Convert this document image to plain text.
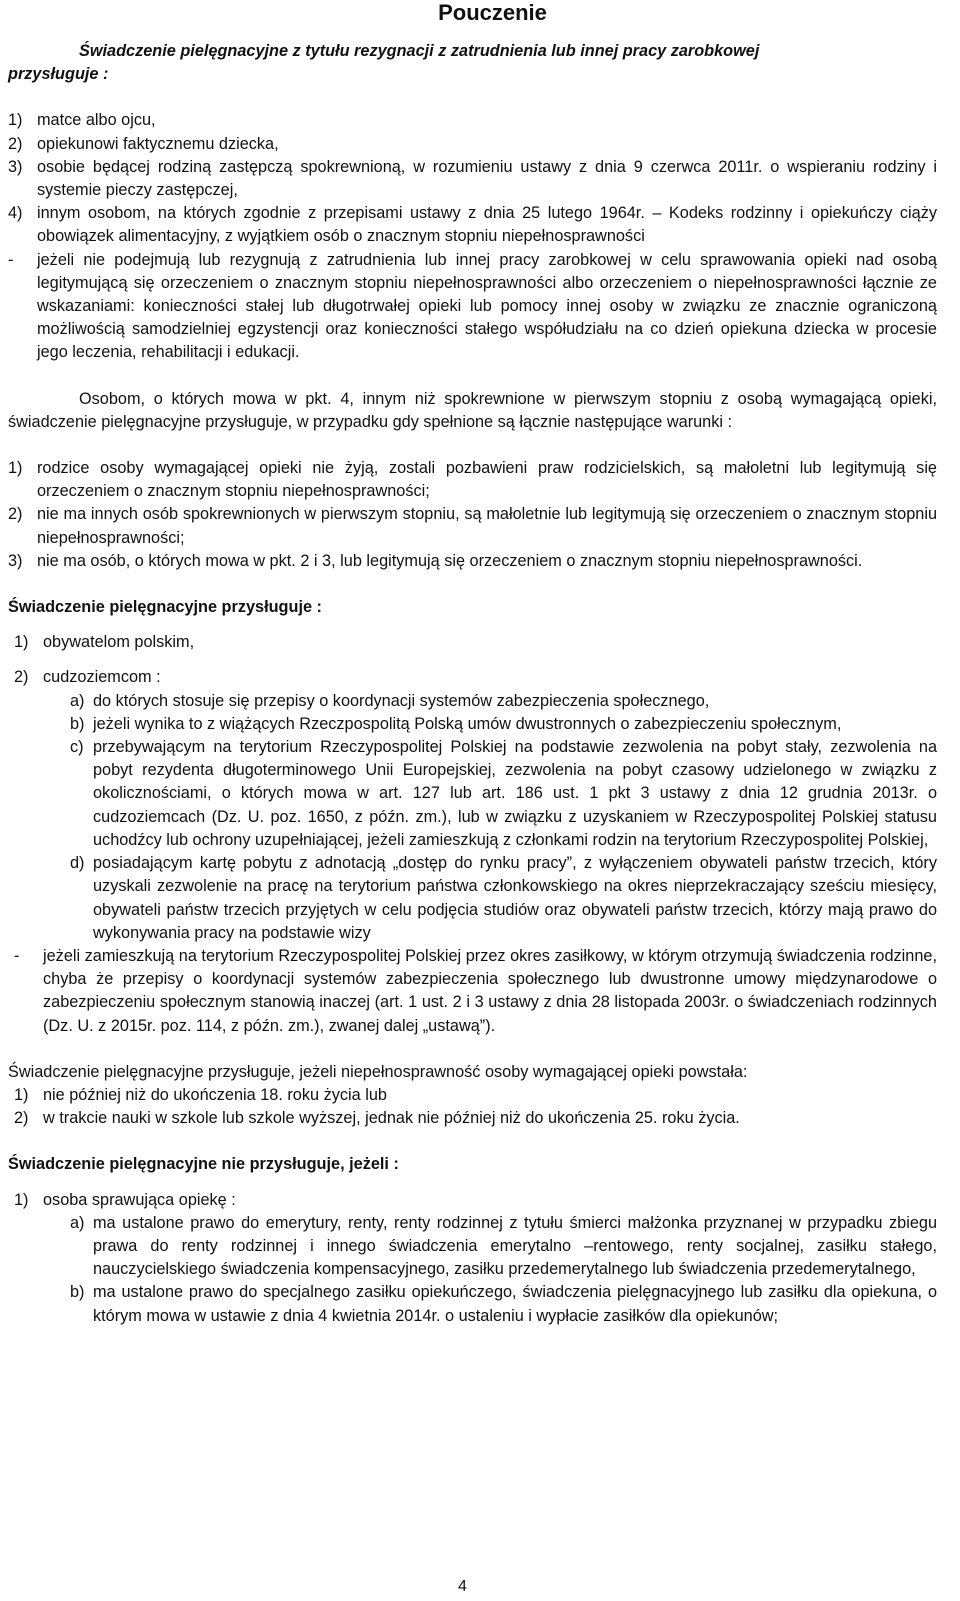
Pouczenie
Świadczenie pielęgnacyjne z tytułu rezygnacji z zatrudnienia lub innej pracy zarobkowej
przysługuje :
1) matce albo ojcu,
2) opiekunowi faktycznemu dziecka,
3) osobie będącej rodziną zastępczą spokrewnioną, w rozumieniu ustawy z dnia 9 czerwca 2011r. o wspieraniu rodziny i systemie pieczy zastępczej,
4) innym osobom, na których zgodnie z przepisami ustawy z dnia 25 lutego 1964r. – Kodeks rodzinny i opiekuńczy ciąży obowiązek alimentacyjny, z wyjątkiem osób o znacznym stopniu niepełnosprawności
- jeżeli nie podejmują lub rezygnują z zatrudnienia lub innej pracy zarobkowej w celu sprawowania opieki nad osobą legitymującą się orzeczeniem o znacznym stopniu niepełnosprawności albo orzeczeniem o niepełnosprawności łącznie ze wskazaniami: konieczności stałej lub długotrwałej opieki lub pomocy innej osoby w związku ze znacznie ograniczoną możliwością samodzielniej egzystencji oraz konieczności stałego współudziału na co dzień opiekuna dziecka w procesie jego leczenia, rehabilitacji i edukacji.

Osobom, o których mowa w pkt. 4, innym niż spokrewnione w pierwszym stopniu z osobą wymagającą opieki, świadczenie pielęgnacyjne przysługuje, w przypadku gdy spełnione są łącznie następujące warunki :

1) rodzice osoby wymagającej opieki nie żyją, zostali pozbawieni praw rodzicielskich, są małoletni lub legitymują się orzeczeniem o znacznym stopniu niepełnosprawności;
2) nie ma innych osób spokrewnionych w pierwszym stopniu, są małoletnie lub legitymują się orzeczeniem o znacznym stopniu niepełnosprawności;
3) nie ma osób, o których mowa w pkt. 2 i 3, lub legitymują się orzeczeniem o znacznym stopniu niepełnosprawności.

Świadczenie pielęgnacyjne przysługuje :

1) obywatelom polskim,
2) cudzoziemcom :
a) do których stosuje się przepisy o koordynacji systemów zabezpieczenia społecznego,
b) jeżeli wynika to z wiążących Rzeczpospolitą Polską umów dwustronnych o zabezpieczeniu społecznym,
c) przebywającym na terytorium Rzeczypospolitej Polskiej na podstawie zezwolenia na pobyt stały, zezwolenia na pobyt rezydenta długoterminowego Unii Europejskiej, zezwolenia na pobyt czasowy udzielonego w związku z okolicznościami, o których mowa w art. 127 lub art. 186 ust. 1 pkt 3 ustawy z dnia 12 grudnia 2013r. o cudzoziemcach (Dz. U. poz. 1650, z późn. zm.), lub w związku z uzyskaniem w Rzeczypospolitej Polskiej statusu uchodźcy lub ochrony uzupełniającej, jeżeli zamieszkują z członkami rodzin na terytorium Rzeczypospolitej Polskiej,
d) posiadającym kartę pobytu z adnotacją „dostęp do rynku pracy”, z wyłączeniem obywateli państw trzecich, który uzyskali zezwolenie na pracę na terytorium państwa członkowskiego na okres nieprzekraczający sześciu miesięcy, obywateli państw trzecich przyjętych w celu podjęcia studiów oraz obywateli państw trzecich, którzy mają prawo do wykonywania pracy na podstawie wizy
- jeżeli zamieszkują na terytorium Rzeczypospolitej Polskiej przez okres zasiłkowy, w którym otrzymują świadczenia rodzinne, chyba że przepisy o koordynacji systemów zabezpieczenia społecznego lub dwustronne umowy międzynarodowe o zabezpieczeniu społecznym stanowią inaczej (art. 1 ust. 2 i 3 ustawy z dnia 28 listopada 2003r. o świadczeniach rodzinnych (Dz. U. z 2015r. poz. 114, z późn. zm.), zwanej dalej „ustawą”).

Świadczenie pielęgnacyjne przysługuje, jeżeli niepełnosprawność osoby wymagającej opieki powstała:

1) nie później niż do ukończenia 18. roku życia lub
2) w trakcie nauki w szkole lub szkole wyższej, jednak nie później niż do ukończenia 25. roku życia.

Świadczenie pielęgnacyjne nie przysługuje, jeżeli :

1) osoba sprawująca opiekę :
a) ma ustalone prawo do emerytury, renty, renty rodzinnej z tytułu śmierci małżonka przyznanej w przypadku zbiegu prawa do renty rodzinnej i innego świadczenia emerytalno –rentowego, renty socjalnej, zasiłku stałego, nauczycielskiego świadczenia kompensacyjnego, zasiłku przedemerytalnego lub świadczenia przedemerytalnego,
b) ma ustalone prawo do specjalnego zasiłku opiekuńczego, świadczenia pielęgnacyjnego lub zasiłku dla opiekuna, o którym mowa w ustawie z dnia 4 kwietnia 2014r. o ustaleniu i wypłacie zasiłków dla opiekunów;
4
